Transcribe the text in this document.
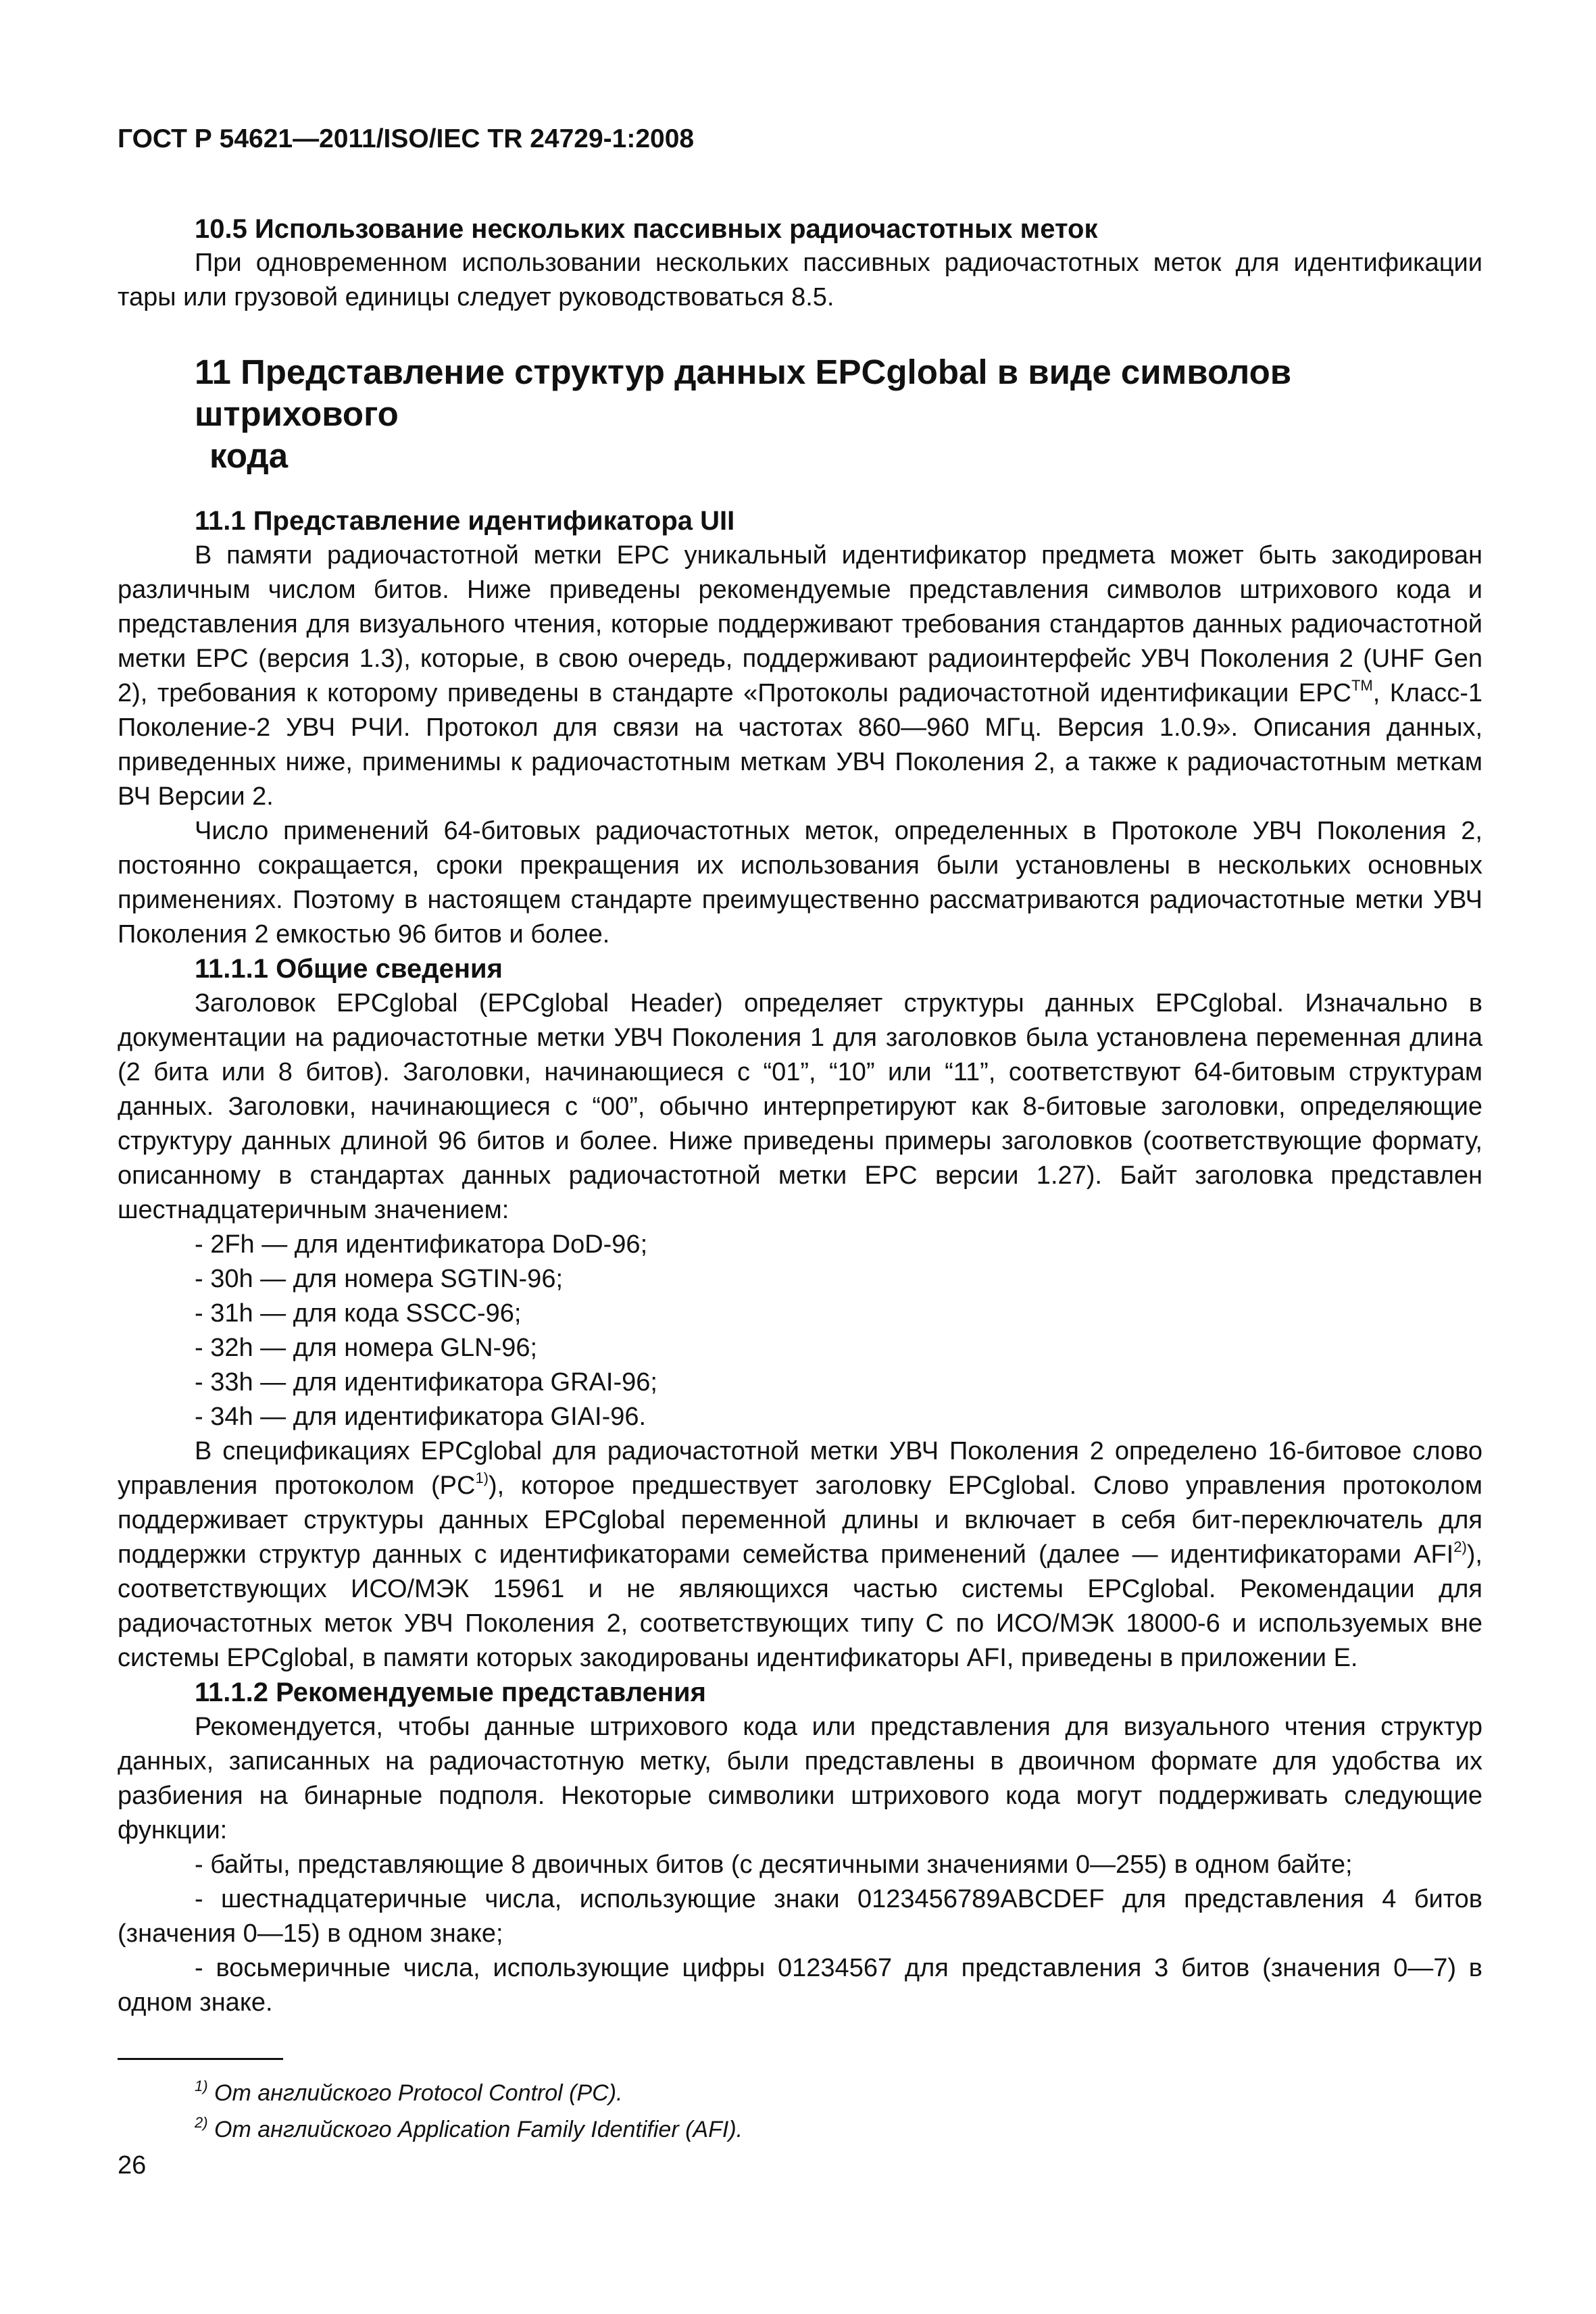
ГОСТ Р 54621—2011/ISO/IEC TR 24729-1:2008
10.5 Использование нескольких пассивных радиочастотных меток

При одновременном использовании нескольких пассивных радиочастотных меток для идентификации тары или грузовой единицы следует руководствоваться 8.5.

11 Представление структур данных EPCglobal в виде символов штрихового
кода
11.1 Представление идентификатора UII

В памяти радиочастотной метки EPC уникальный идентификатор предмета может быть закодирован различным числом битов. Ниже приведены рекомендуемые представления символов штрихового кода и представления для визуального чтения, которые поддерживают требования стандартов данных радиочастотной метки EPC (версия 1.3), которые, в свою очередь, поддерживают радиоинтерфейс УВЧ Поколения 2 (UHF Gen 2), требования к которому приведены в стандарте «Протоколы радиочастотной идентификации EPC™, Класс-1 Поколение-2 УВЧ РЧИ. Протокол для связи на частотах 860—960 МГц. Версия 1.0.9». Описания данных, приведенных ниже, применимы к радиочастотным меткам УВЧ Поколения 2, а также к радиочастотным меткам ВЧ Версии 2.

Число применений 64-битовых радиочастотных меток, определенных в Протоколе УВЧ Поколения 2, постоянно сокращается, сроки прекращения их использования были установлены в нескольких основных применениях. Поэтому в настоящем стандарте преимущественно рассматриваются радиочастотные метки УВЧ Поколения 2 емкостью 96 битов и более.

11.1.1 Общие сведения

Заголовок EPCglobal (EPCglobal Header) определяет структуры данных EPCglobal. Изначально в документации на радиочастотные метки УВЧ Поколения 1 для заголовков была установлена переменная длина (2 бита или 8 битов). Заголовки, начинающиеся с “01”, “10” или “11”, соответствуют 64-битовым структурам данных. Заголовки, начинающиеся с “00”, обычно интерпретируют как 8-битовые заголовки, определяющие структуру данных длиной 96 битов и более. Ниже приведены примеры заголовков (соответствующие формату, описанному в стандартах данных радиочастотной метки EPC версии 1.27). Байт заголовка представлен шестнадцатеричным значением:

- 2Fh — для идентификатора DoD-96;
- 30h — для номера SGTIN-96;
- 31h — для кода SSCC-96;
- 32h — для номера GLN-96;
- 33h — для идентификатора GRAI-96;
- 34h — для идентификатора GIAI-96.

В спецификациях EPCglobal для радиочастотной метки УВЧ Поколения 2 определено 16-битовое слово управления протоколом (PC$^{1)}$), которое предшествует заголовку EPCglobal. Слово управления протоколом поддерживает структуры данных EPCglobal переменной длины и включает в себя бит-переключатель для поддержки структур данных с идентификаторами семейства применений (далее — идентификаторами AFI$^{2)}$), соответствующих ИСО/МЭК 15961 и не являющихся частью системы EPCglobal. Рекомендации для радиочастотных меток УВЧ Поколения 2, соответствующих типу С по ИСО/МЭК 18000-6 и используемых вне системы EPCglobal, в памяти которых закодированы идентификаторы AFI, приведены в приложении Е.

11.1.2 Рекомендуемые представления

Рекомендуется, чтобы данные штрихового кода или представления для визуального чтения структур данных, записанных на радиочастотную метку, были представлены в двоичном формате для удобства их разбиения на бинарные подполя. Некоторые символики штрихового кода могут поддерживать следующие функции:

- байты, представляющие 8 двоичных битов (с десятичными значениями 0—255) в одном байте;

- шестнадцатеричные числа, использующие знаки 0123456789ABCDEF для представления 4 битов (значения 0—15) в одном знаке;

- восьмеричные числа, использующие цифры 01234567 для представления 3 битов (значения 0—7) в одном знаке.

$^{1)}$ От английского Protocol Control (PC).
$^{2)}$ От английского Application Family Identifier (AFI).
26
